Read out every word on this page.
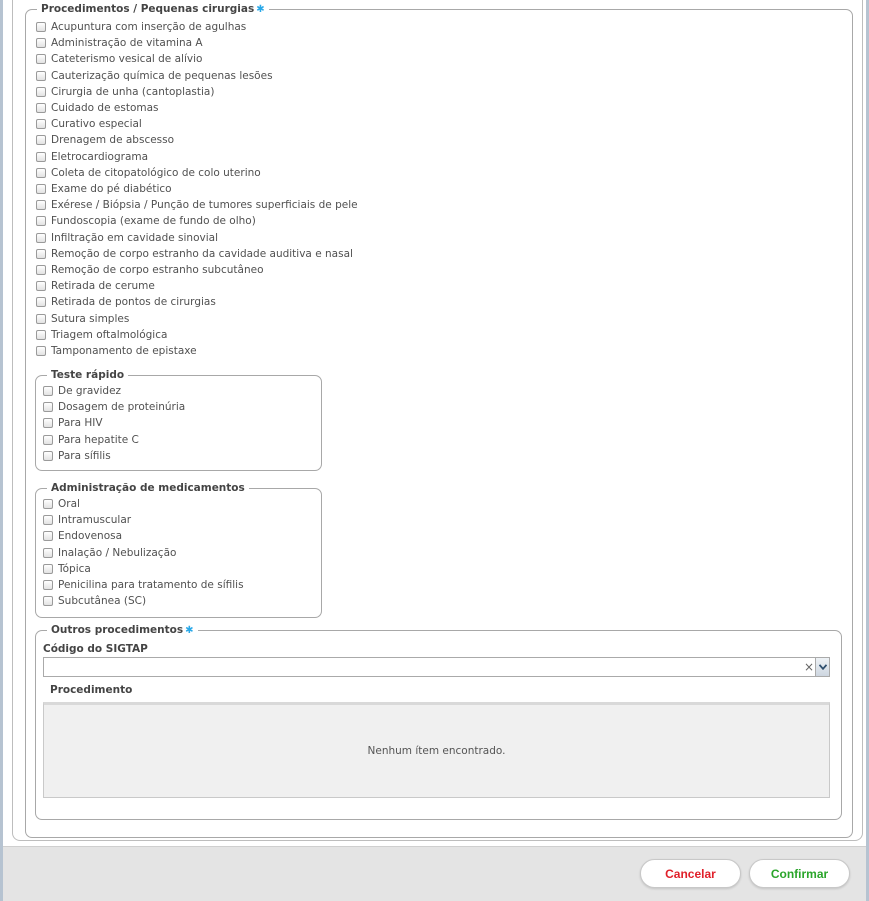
Procedimentos / Pequenas cirurgias ✱
Acupuntura com inserção de agulhas
Administração de vitamina A
Cateterismo vesical de alívio
Cauterização química de pequenas lesões
Cirurgia de unha (cantoplastia)
Cuidado de estomas
Curativo especial
Drenagem de abscesso
Eletrocardiograma
Coleta de citopatológico de colo uterino
Exame do pé diabético
Exérese / Biópsia / Punção de tumores superficiais de pele
Fundoscopia (exame de fundo de olho)
Infiltração em cavidade sinovial
Remoção de corpo estranho da cavidade auditiva e nasal
Remoção de corpo estranho subcutâneo
Retirada de cerume
Retirada de pontos de cirurgias
Sutura simples
Triagem oftalmológica
Tamponamento de epistaxe
Teste rápido
De gravidez
Dosagem de proteinúria
Para HIV
Para hepatite C
Para sífilis
Administração de medicamentos
Oral
Intramuscular
Endovenosa
Inalação / Nebulização
Tópica
Penicilina para tratamento de sífilis
Subcutânea (SC)
Outros procedimentos ✱
Código do SIGTAP
×
Procedimento
Nenhum ítem encontrado.
Cancelar	Confirmar
